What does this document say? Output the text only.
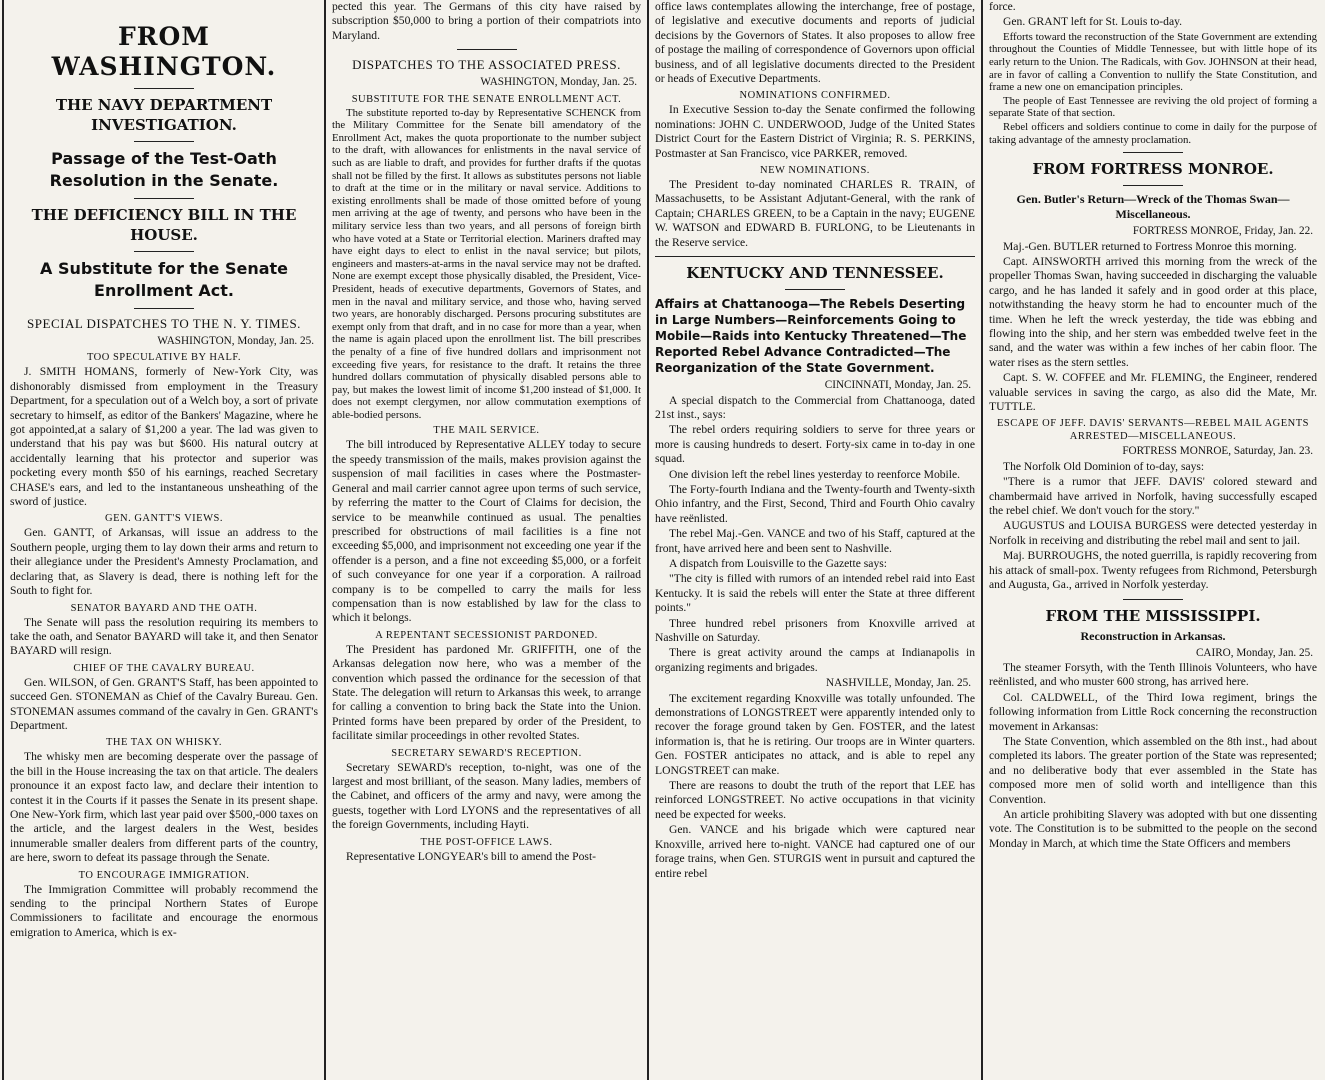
FROM WASHINGTON.
THE NAVY DEPARTMENT INVESTIGATION.
Passage of the Test-Oath Resolution in the Senate.
THE DEFICIENCY BILL IN THE HOUSE.
A Substitute for the Senate Enrollment Act.
SPECIAL DISPATCHES TO THE N. Y. TIMES.
WASHINGTON, Monday, Jan. 25.
TOO SPECULATIVE BY HALF.

J. SMITH HOMANS, formerly of New-York City, was dishonorably dismissed from employment in the Treasury Department, for a speculation out of a Welch boy, a sort of private secretary to himself, as editor of the Bankers' Magazine, where he got appointed,at a salary of $1,200 a year. The lad was given to understand that his pay was but $600. His natural outcry at accidentally learning that his protector and superior was pocketing every month $50 of his earnings, reached Secretary CHASE's ears, and led to the instantaneous unsheathing of the sword of justice.

GEN. GANTT'S VIEWS.

Gen. GANTT, of Arkansas, will issue an address to the Southern people, urging them to lay down their arms and return to their allegiance under the President's Amnesty Proclamation, and declaring that, as Slavery is dead, there is nothing left for the South to fight for.

SENATOR BAYARD AND THE OATH.

The Senate will pass the resolution requiring its members to take the oath, and Senator BAYARD will take it, and then Senator BAYARD will resign.

CHIEF OF THE CAVALRY BUREAU.

Gen. WILSON, of Gen. GRANT'S Staff, has been appointed to succeed Gen. STONEMAN as Chief of the Cavalry Bureau. Gen. STONEMAN assumes command of the cavalry in Gen. GRANT's Department.

THE TAX ON WHISKY.

The whisky men are becoming desperate over the passage of the bill in the House increasing the tax on that article. The dealers pronounce it an expost facto law, and declare their intention to contest it in the Courts if it passes the Senate in its present shape. One New-York firm, which last year paid over $500,-000 taxes on the article, and the largest dealers in the West, besides innumerable smaller dealers from different parts of the country, are here, sworn to defeat its passage through the Senate.

TO ENCOURAGE IMMIGRATION.

The Immigration Committee will probably recommend the sending to the principal Northern States of Europe Commissioners to facilitate and encourage the enormous emigration to America, which is ex-

pected this year. The Germans of this city have raised by subscription $50,000 to bring a portion of their compatriots into Maryland.

DISPATCHES TO THE ASSOCIATED PRESS.
WASHINGTON, Monday, Jan. 25.
SUBSTITUTE FOR THE SENATE ENROLLMENT ACT.

The substitute reported to-day by Representative SCHENCK from the Military Committee for the Senate bill amendatory of the Enrollment Act, makes the quota proportionate to the number subject to the draft, with allowances for enlistments in the naval service of such as are liable to draft, and provides for further drafts if the quotas shall not be filled by the first. It allows as substitutes persons not liable to draft at the time or in the military or naval service. Additions to existing enrollments shall be made of those omitted before of young men arriving at the age of twenty, and persons who have been in the military service less than two years, and all persons of foreign birth who have voted at a State or Territorial election. Mariners drafted may have eight days to elect to enlist in the naval service; but pilots, engineers and masters-at-arms in the naval service may not be drafted. None are exempt except those physically disabled, the President, Vice-President, heads of executive departments, Governors of States, and men in the naval and military service, and those who, having served two years, are honorably discharged. Persons procuring substitutes are exempt only from that draft, and in no case for more than a year, when the name is again placed upon the enrollment list. The bill prescribes the penalty of a fine of five hundred dollars and imprisonment not exceeding five years, for resistance to the draft. It retains the three hundred dollars commutation of physically disabled persons able to pay, but makes the lowest limit of income $1,200 instead of $1,000. It does not exempt clergymen, nor allow commutation exemptions of able-bodied persons.

THE MAIL SERVICE.

The bill introduced by Representative ALLEY today to secure the speedy transmission of the mails, makes provision against the suspension of mail facilities in cases where the Postmaster-General and mail carrier cannot agree upon terms of such service, by referring the matter to the Court of Claims for decision, the service to be meanwhile continued as usual. The penalties prescribed for obstructions of mail facilities is a fine not exceeding $5,000, and imprisonment not exceeding one year if the offender is a person, and a fine not exceeding $5,000, or a forfeit of such conveyance for one year if a corporation. A railroad company is to be compelled to carry the mails for less compensation than is now established by law for the class to which it belongs.

A REPENTANT SECESSIONIST PARDONED.

The President has pardoned Mr. GRIFFITH, one of the Arkansas delegation now here, who was a member of the convention which passed the ordinance for the secession of that State. The delegation will return to Arkansas this week, to arrange for calling a convention to bring back the State into the Union. Printed forms have been prepared by order of the President, to facilitate similar proceedings in other revolted States.

SECRETARY SEWARD'S RECEPTION.

Secretary SEWARD's reception, to-night, was one of the largest and most brilliant, of the season. Many ladies, members of the Cabinet, and officers of the army and navy, were among the guests, together with Lord LYONS and the representatives of all the foreign Governments, including Hayti.

THE POST-OFFICE LAWS.

Representative LONGYEAR's bill to amend the Post-

office laws contemplates allowing the interchange, free of postage, of legislative and executive documents and reports of judicial decisions by the Governors of States. It also proposes to allow free of postage the mailing of correspondence of Governors upon official business, and of all legislative documents directed to the President or heads of Executive Departments.

NOMINATIONS CONFIRMED.

In Executive Session to-day the Senate confirmed the following nominations: JOHN C. UNDERWOOD, Judge of the United States District Court for the Eastern District of Virginia; R. S. PERKINS, Postmaster at San Francisco, vice PARKER, removed.

NEW NOMINATIONS.

The President to-day nominated CHARLES R. TRAIN, of Massachusetts, to be Assistant Adjutant-General, with the rank of Captain; CHARLES GREEN, to be a Captain in the navy; EUGENE W. WATSON and EDWARD B. FURLONG, to be Lieutenants in the Reserve service.

KENTUCKY AND TENNESSEE.
Affairs at Chattanooga—The Rebels Deserting in Large Numbers—Reinforcements Going to Mobile—Raids into Kentucky Threatened—The Reported Rebel Advance Contradicted—The Reorganization of the State Government.
CINCINNATI, Monday, Jan. 25.

A special dispatch to the Commercial from Chattanooga, dated 21st inst., says:

The rebel orders requiring soldiers to serve for three years or more is causing hundreds to desert. Forty-six came in to-day in one squad.

One division left the rebel lines yesterday to reenforce Mobile.

The Forty-fourth Indiana and the Twenty-fourth and Twenty-sixth Ohio infantry, and the First, Second, Third and Fourth Ohio cavalry have reënlisted.

The rebel Maj.-Gen. VANCE and two of his Staff, captured at the front, have arrived here and been sent to Nashville.

A dispatch from Louisville to the Gazette says:

"The city is filled with rumors of an intended rebel raid into East Kentucky. It is said the rebels will enter the State at three different points."

Three hundred rebel prisoners from Knoxville arrived at Nashville on Saturday.

There is great activity around the camps at Indianapolis in organizing regiments and brigades.

NASHVILLE, Monday, Jan. 25.

The excitement regarding Knoxville was totally unfounded. The demonstrations of LONGSTREET were apparently intended only to recover the forage ground taken by Gen. FOSTER, and the latest information is, that he is retiring. Our troops are in Winter quarters. Gen. FOSTER anticipates no attack, and is able to repel any LONGSTREET can make.

There are reasons to doubt the truth of the report that LEE has reinforced LONGSTREET. No active occupations in that vicinity need be expected for weeks.

Gen. VANCE and his brigade which were captured near Knoxville, arrived here to-night. VANCE had captured one of our forage trains, when Gen. STURGIS went in pursuit and captured the entire rebel

force.

Gen. GRANT left for St. Louis to-day.

Efforts toward the reconstruction of the State Government are extending throughout the Counties of Middle Tennessee, but with little hope of its early return to the Union. The Radicals, with Gov. JOHNSON at their head, are in favor of calling a Convention to nullify the State Constitution, and frame a new one on emancipation principles.

The people of East Tennessee are reviving the old project of forming a separate State of that section.

Rebel officers and soldiers continue to come in daily for the purpose of taking advantage of the amnesty proclamation.

FROM FORTRESS MONROE.
Gen. Butler's Return—Wreck of the Thomas Swan—Miscellaneous.
FORTRESS MONROE, Friday, Jan. 22.

Maj.-Gen. BUTLER returned to Fortress Monroe this morning.

Capt. AINSWORTH arrived this morning from the wreck of the propeller Thomas Swan, having succeeded in discharging the valuable cargo, and he has landed it safely and in good order at this place, notwithstanding the heavy storm he had to encounter much of the time. When he left the wreck yesterday, the tide was ebbing and flowing into the ship, and her stern was embedded twelve feet in the sand, and the water was within a few inches of her cabin floor. The water rises as the stern settles.

Capt. S. W. COFFEE and Mr. FLEMING, the Engineer, rendered valuable services in saving the cargo, as also did the Mate, Mr. TUTTLE.

ESCAPE OF JEFF. DAVIS' SERVANTS—REBEL MAIL AGENTS ARRESTED—MISCELLANEOUS.
FORTRESS MONROE, Saturday, Jan. 23.

The Norfolk Old Dominion of to-day, says:

"There is a rumor that JEFF. DAVIS' colored steward and chambermaid have arrived in Norfolk, having successfully escaped the rebel chief. We don't vouch for the story."

AUGUSTUS and LOUISA BURGESS were detected yesterday in Norfolk in receiving and distributing the rebel mail and sent to jail.

Maj. BURROUGHS, the noted guerrilla, is rapidly recovering from his attack of small-pox. Twenty refugees from Richmond, Petersburgh and Augusta, Ga., arrived in Norfolk yesterday.

FROM THE MISSISSIPPI.
Reconstruction in Arkansas.
CAIRO, Monday, Jan. 25.

The steamer Forsyth, with the Tenth Illinois Volunteers, who have reënlisted, and who muster 600 strong, has arrived here.

Col. CALDWELL, of the Third Iowa regiment, brings the following information from Little Rock concerning the reconstruction movement in Arkansas:

The State Convention, which assembled on the 8th inst., had about completed its labors. The greater portion of the State was represented; and no deliberative body that ever assembled in the State has composed more men of solid worth and intelligence than this Convention.

An article prohibiting Slavery was adopted with but one dissenting vote. The Constitution is to be submitted to the people on the second Monday in March, at which time the State Officers and members
